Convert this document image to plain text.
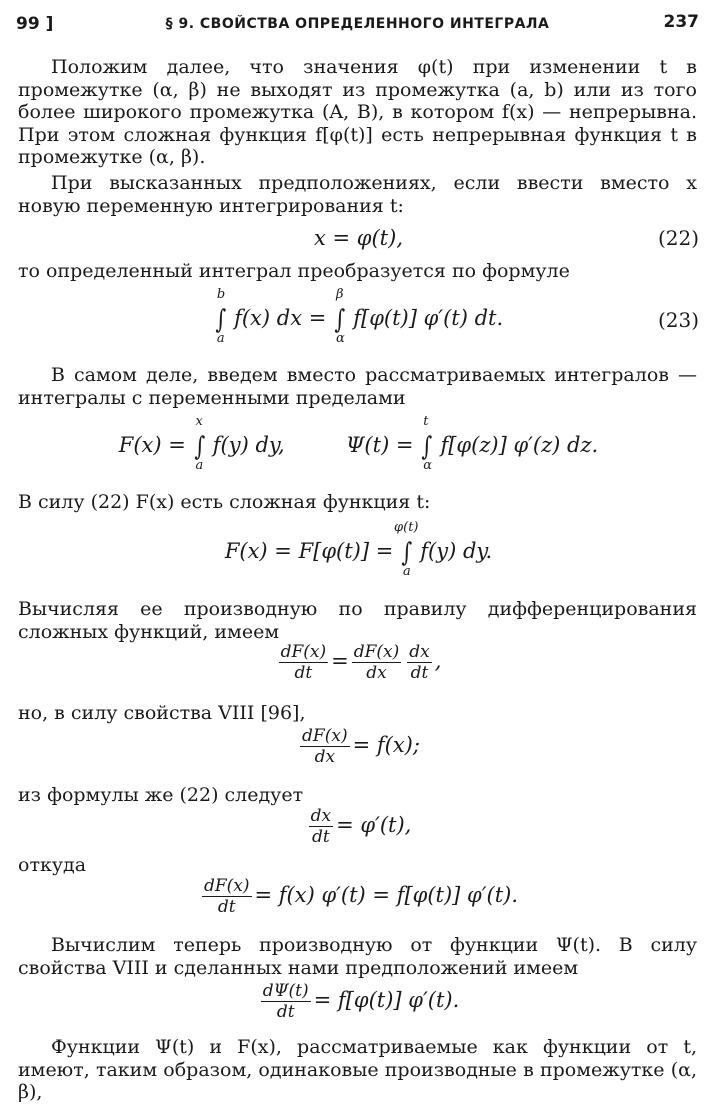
99 ]	§ 9. СВОЙСТВА ОПРЕДЕЛЕННОГО ИНТЕГРАЛА	237
Положим далее, что значения φ(t) при изменении t в промежутке (α, β) не выходят из промежутка (a, b) или из того более широкого промежутка (A, B), в котором f(x) — непрерывна. При этом сложная функция f[φ(t)] есть непрерывная функция t в промежутке (α, β).
При высказанных предположениях, если ввести вместо x новую переменную интегрирования t:
x = φ(t),	(22)
то определенный интеграл преобразуется по формуле
∫
b
a
f(x) dx = ∫
β
α
f[φ(t)] φ′(t) dt.	(23)
В самом деле, введем вместо рассматриваемых интегралов — интегралы с переменными пределами
F(x) = ∫
x
a
f(y) dy,	Ψ(t) = ∫
t
α
f[φ(z)] φ′(z) dz.
В силу (22) F(x) есть сложная функция t:
F(x) = F[φ(t)] = ∫
φ(t)
a
f(y) dy.
Вычисляя ее производную по правилу дифференцирования сложных функций, имеем
$\frac{dF(x)}{dt} = \frac{dF(x)}{dx} \frac{dx}{dt}$ ,
но, в силу свойства VIII [96],
$\frac{dF(x)}{dx} = f(x)$;
из формулы же (22) следует
$\frac{dx}{dt} = \varphi'(t)$,
откуда
$\frac{dF(x)}{dt} = f(x) \varphi'(t) = f[\varphi(t)]$ φ′(t).
Вычислим теперь производную от функции Ψ(t). В силу свойства VIII и сделанных нами предположений имеем
$\frac{d\Psi(t)}{dt} = f[\varphi(t)]$ φ′(t).
Функции Ψ(t) и F(x), рассматриваемые как функции от t, имеют, таким образом, одинаковые производные в промежутке (α, β),
